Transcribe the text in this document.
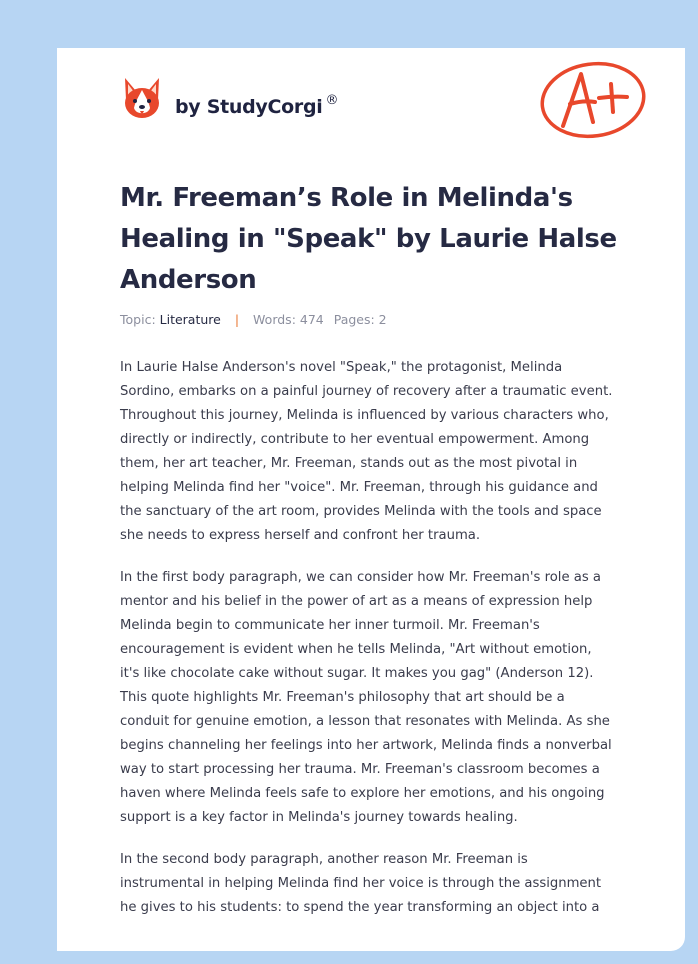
by StudyCorgi ®
Mr. Freeman’s Role in Melinda's Healing in "Speak" by Laurie Halse Anderson
Topic: Literature | Words: 474 Pages: 2

In Laurie Halse Anderson's novel "Speak," the protagonist, Melinda
Sordino, embarks on a painful journey of recovery after a traumatic event.
Throughout this journey, Melinda is influenced by various characters who,
directly or indirectly, contribute to her eventual empowerment. Among
them, her art teacher, Mr. Freeman, stands out as the most pivotal in
helping Melinda find her "voice". Mr. Freeman, through his guidance and
the sanctuary of the art room, provides Melinda with the tools and space
she needs to express herself and confront her trauma.

In the first body paragraph, we can consider how Mr. Freeman's role as a
mentor and his belief in the power of art as a means of expression help
Melinda begin to communicate her inner turmoil. Mr. Freeman's
encouragement is evident when he tells Melinda, "Art without emotion,
it's like chocolate cake without sugar. It makes you gag" (Anderson 12).
This quote highlights Mr. Freeman's philosophy that art should be a
conduit for genuine emotion, a lesson that resonates with Melinda. As she
begins channeling her feelings into her artwork, Melinda finds a nonverbal
way to start processing her trauma. Mr. Freeman's classroom becomes a
haven where Melinda feels safe to explore her emotions, and his ongoing
support is a key factor in Melinda's journey towards healing.

In the second body paragraph, another reason Mr. Freeman is
instrumental in helping Melinda find her voice is through the assignment
he gives to his students: to spend the year transforming an object into a
